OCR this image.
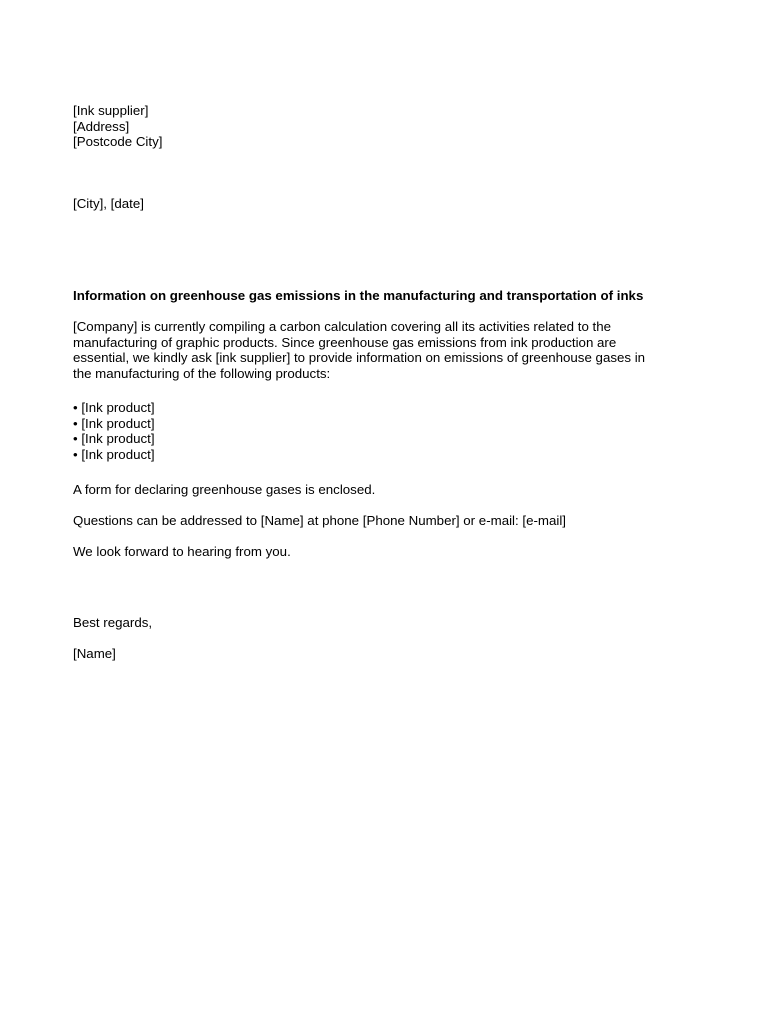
[Ink supplier]
[Address]
[Postcode City]
[City], [date]
Information on greenhouse gas emissions in the manufacturing and transportation of inks
[Company] is currently compiling a carbon calculation covering all its activities related to the
manufacturing of graphic products. Since greenhouse gas emissions from ink production are
essential, we kindly ask [ink supplier] to provide information on emissions of greenhouse gases in
the manufacturing of the following products:
• [Ink product]
• [Ink product]
• [Ink product]
• [Ink product]
A form for declaring greenhouse gases is enclosed.
Questions can be addressed to [Name] at phone [Phone Number] or e-mail: [e-mail]
We look forward to hearing from you.
Best regards,
[Name]
